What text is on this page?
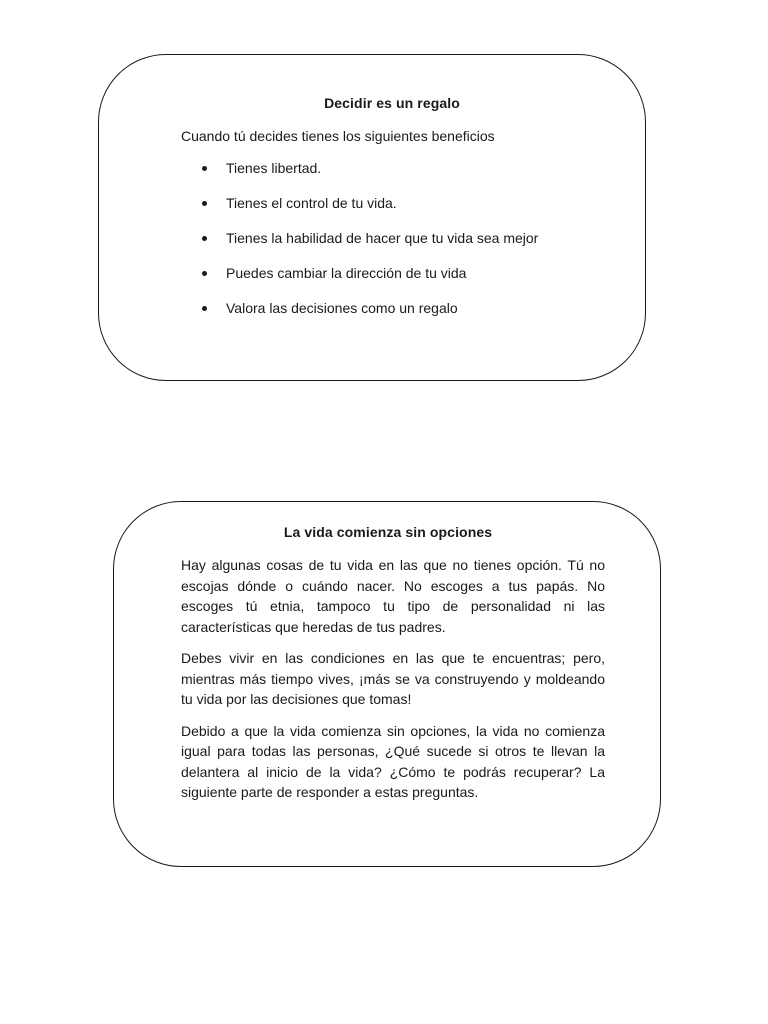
Decidir es un regalo

Cuando tú decides tienes los siguientes beneficios

Tienes libertad.
Tienes el control de tu vida.
Tienes la habilidad de hacer que tu vida sea mejor
Puedes cambiar la dirección de tu vida
Valora las decisiones como un regalo
La vida comienza sin opciones

Hay algunas cosas de tu vida en las que no tienes opción. Tú no escojas dónde o cuándo nacer. No escoges a tus papás. No escoges tú etnia, tampoco tu tipo de personalidad ni las características que heredas de tus padres.

Debes vivir en las condiciones en las que te encuentras; pero, mientras más tiempo vives, ¡más se va construyendo y moldeando tu vida por las decisiones que tomas!

Debido a que la vida comienza sin opciones, la vida no comienza igual para todas las personas, ¿Qué sucede si otros te llevan la delantera al inicio de la vida? ¿Cómo te podrás recuperar? La siguiente parte de responder a estas preguntas.
